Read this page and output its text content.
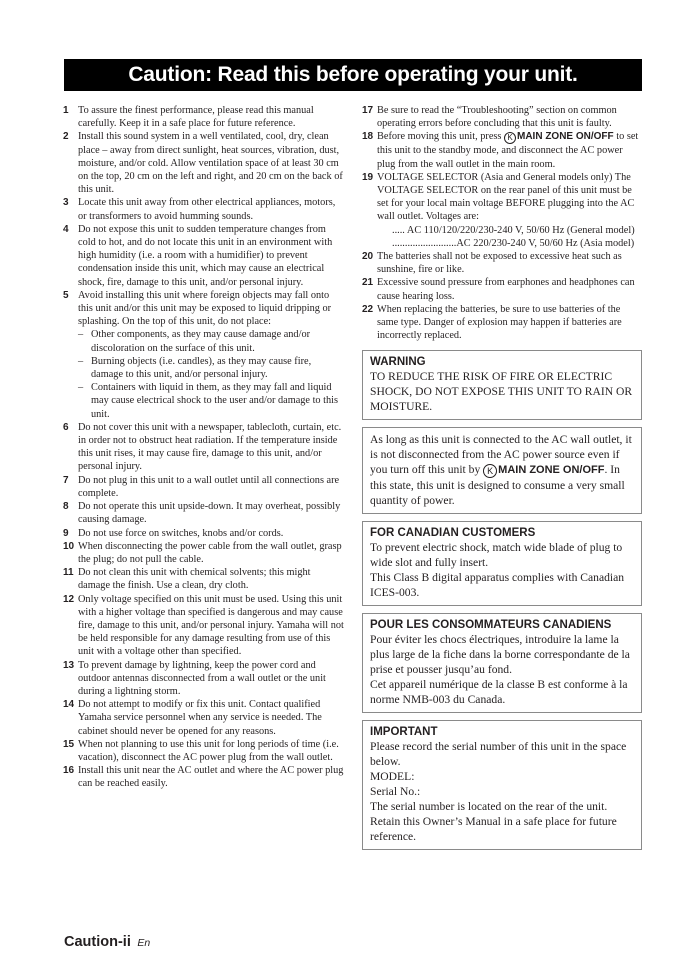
Caution: Read this before operating your unit.
1 To assure the finest performance, please read this manual carefully. Keep it in a safe place for future reference.
2 Install this sound system in a well ventilated, cool, dry, clean place – away from direct sunlight, heat sources, vibration, dust, moisture, and/or cold. Allow ventilation space of at least 30 cm on the top, 20 cm on the left and right, and 20 cm on the back of this unit.
3 Locate this unit away from other electrical appliances, motors, or transformers to avoid humming sounds.
4 Do not expose this unit to sudden temperature changes from cold to hot, and do not locate this unit in an environment with high humidity (i.e. a room with a humidifier) to prevent condensation inside this unit, which may cause an electrical shock, fire, damage to this unit, and/or personal injury.
5 Avoid installing this unit where foreign objects may fall onto this unit and/or this unit may be exposed to liquid dripping or splashing. On the top of this unit, do not place:
– Other components, as they may cause damage and/or discoloration on the surface of this unit.
– Burning objects (i.e. candles), as they may cause fire, damage to this unit, and/or personal injury.
– Containers with liquid in them, as they may fall and liquid may cause electrical shock to the user and/or damage to this unit.
6 Do not cover this unit with a newspaper, tablecloth, curtain, etc. in order not to obstruct heat radiation. If the temperature inside this unit rises, it may cause fire, damage to this unit, and/or personal injury.
7 Do not plug in this unit to a wall outlet until all connections are complete.
8 Do not operate this unit upside-down. It may overheat, possibly causing damage.
9 Do not use force on switches, knobs and/or cords.
10 When disconnecting the power cable from the wall outlet, grasp the plug; do not pull the cable.
11 Do not clean this unit with chemical solvents; this might damage the finish. Use a clean, dry cloth.
12 Only voltage specified on this unit must be used. Using this unit with a higher voltage than specified is dangerous and may cause fire, damage to this unit, and/or personal injury. Yamaha will not be held responsible for any damage resulting from use of this unit with a voltage other than specified.
13 To prevent damage by lightning, keep the power cord and outdoor antennas disconnected from a wall outlet or the unit during a lightning storm.
14 Do not attempt to modify or fix this unit. Contact qualified Yamaha service personnel when any service is needed. The cabinet should never be opened for any reasons.
15 When not planning to use this unit for long periods of time (i.e. vacation), disconnect the AC power plug from the wall outlet.
16 Install this unit near the AC outlet and where the AC power plug can be reached easily.
17 Be sure to read the “Troubleshooting” section on common operating errors before concluding that this unit is faulty.
18 Before moving this unit, press K MAIN ZONE ON/OFF to set this unit to the standby mode, and disconnect the AC power plug from the wall outlet in the main room.
19 VOLTAGE SELECTOR (Asia and General models only) The VOLTAGE SELECTOR on the rear panel of this unit must be set for your local main voltage BEFORE plugging into the AC wall outlet. Voltages are:
..... AC 110/120/220/230-240 V, 50/60 Hz (General model)
.........................AC 220/230-240 V, 50/60 Hz (Asia model)
20 The batteries shall not be exposed to excessive heat such as sunshine, fire or like.
21 Excessive sound pressure from earphones and headphones can cause hearing loss.
22 When replacing the batteries, be sure to use batteries of the same type. Danger of explosion may happen if batteries are incorrectly replaced.
WARNING
TO REDUCE THE RISK OF FIRE OR ELECTRIC SHOCK, DO NOT EXPOSE THIS UNIT TO RAIN OR MOISTURE.
As long as this unit is connected to the AC wall outlet, it is not disconnected from the AC power source even if you turn off this unit by K MAIN ZONE ON/OFF. In this state, this unit is designed to consume a very small quantity of power.
FOR CANADIAN CUSTOMERS
To prevent electric shock, match wide blade of plug to wide slot and fully insert.
This Class B digital apparatus complies with Canadian ICES-003.
POUR LES CONSOMMATEURS CANADIENS
Pour éviter les chocs électriques, introduire la lame la plus large de la fiche dans la borne correspondante de la prise et pousser jusqu’au fond.
Cet appareil numérique de la classe B est conforme à la norme NMB-003 du Canada.
IMPORTANT
Please record the serial number of this unit in the space below.
MODEL:
Serial No.:
The serial number is located on the rear of the unit. Retain this Owner’s Manual in a safe place for future reference.
Caution-ii En
